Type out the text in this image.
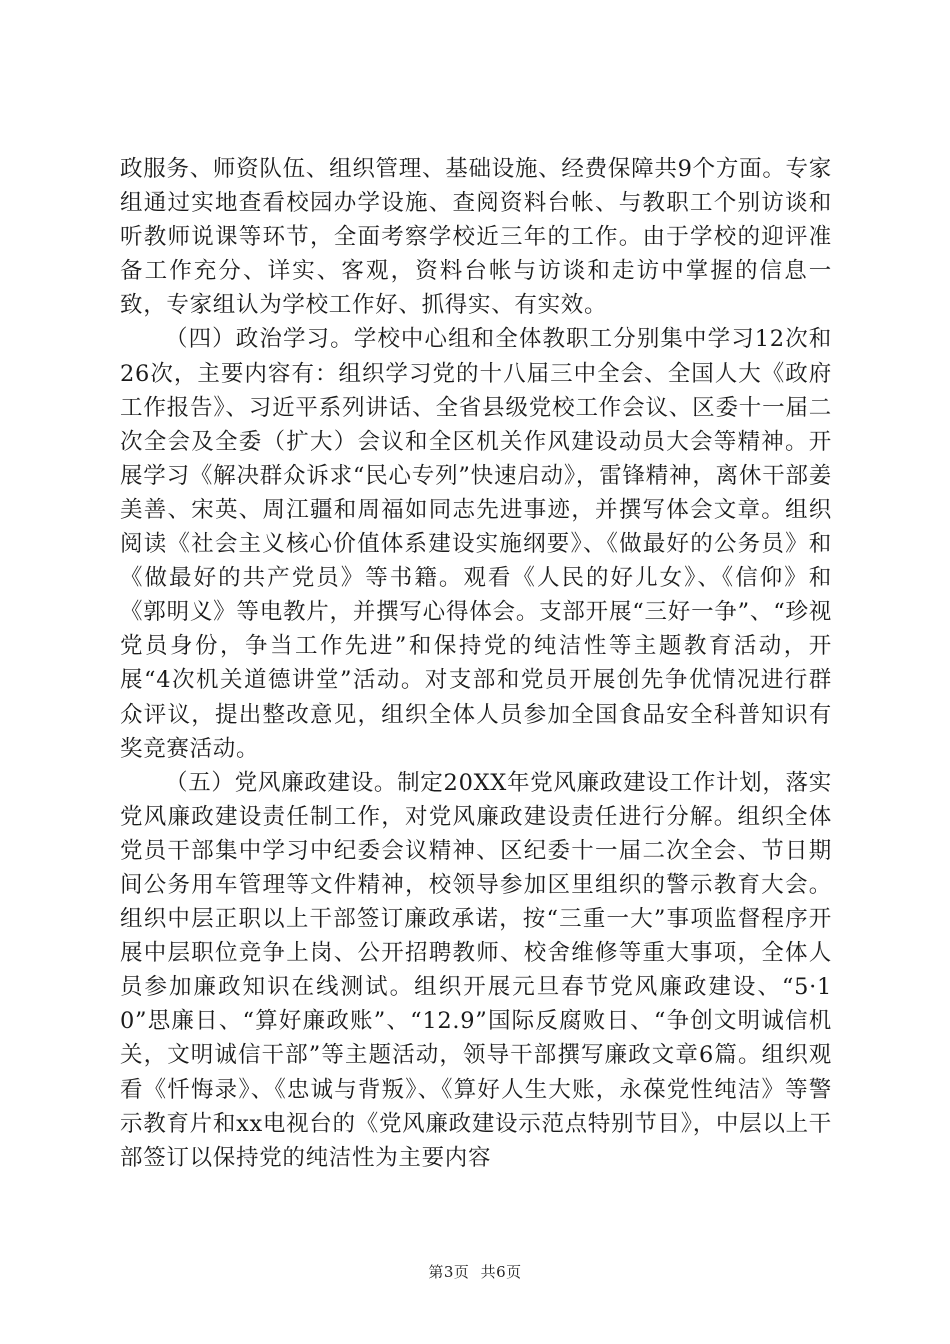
政服务、师资队伍、组织管理、基础设施、经费保障共9个方面。专家组通过实地查看校园办学设施、查阅资料台帐、与教职工个别访谈和听教师说课等环节，全面考察学校近三年的工作。由于学校的迎评准备工作充分、详实、客观，资料台帐与访谈和走访中掌握的信息一致，专家组认为学校工作好、抓得实、有实效。

（四）政治学习。学校中心组和全体教职工分别集中学习12次和26次，主要内容有：组织学习党的十八届三中全会、全国人大《政府工作报告》、习近平系列讲话、全省县级党校工作会议、区委十一届二次全会及全委（扩大）会议和全区机关作风建设动员大会等精神。开展学习《解决群众诉求“民心专列”快速启动》，雷锋精神，离休干部姜美善、宋英、周江疆和周福如同志先进事迹，并撰写体会文章。组织阅读《社会主义核心价值体系建设实施纲要》、《做最好的公务员》和《做最好的共产党员》等书籍。观看《人民的好儿女》、《信仰》和《郭明义》等电教片，并撰写心得体会。支部开展“三好一争”、“珍视党员身份，争当工作先进”和保持党的纯洁性等主题教育活动，开展“4次机关道德讲堂”活动。对支部和党员开展创先争优情况进行群众评议，提出整改意见，组织全体人员参加全国食品安全科普知识有奖竞赛活动。

（五）党风廉政建设。制定20XX年党风廉政建设工作计划，落实党风廉政建设责任制工作，对党风廉政建设责任进行分解。组织全体党员干部集中学习中纪委会议精神、区纪委十一届二次全会、节日期间公务用车管理等文件精神，校领导参加区里组织的警示教育大会。组织中层正职以上干部签订廉政承诺，按“三重一大”事项监督程序开展中层职位竞争上岗、公开招聘教师、校舍维修等重大事项，全体人员参加廉政知识在线测试。组织开展元旦春节党风廉政建设、“5·10”思廉日、“算好廉政账”、“12.9”国际反腐败日、“争创文明诚信机关，文明诚信干部”等主题活动，领导干部撰写廉政文章6篇。组织观看《忏悔录》、《忠诚与背叛》、《算好人生大账，永葆党性纯洁》等警示教育片和xx电视台的《党风廉政建设示范点特别节目》，中层以上干部签订以保持党的纯洁性为主要内容

第3页 共6页
